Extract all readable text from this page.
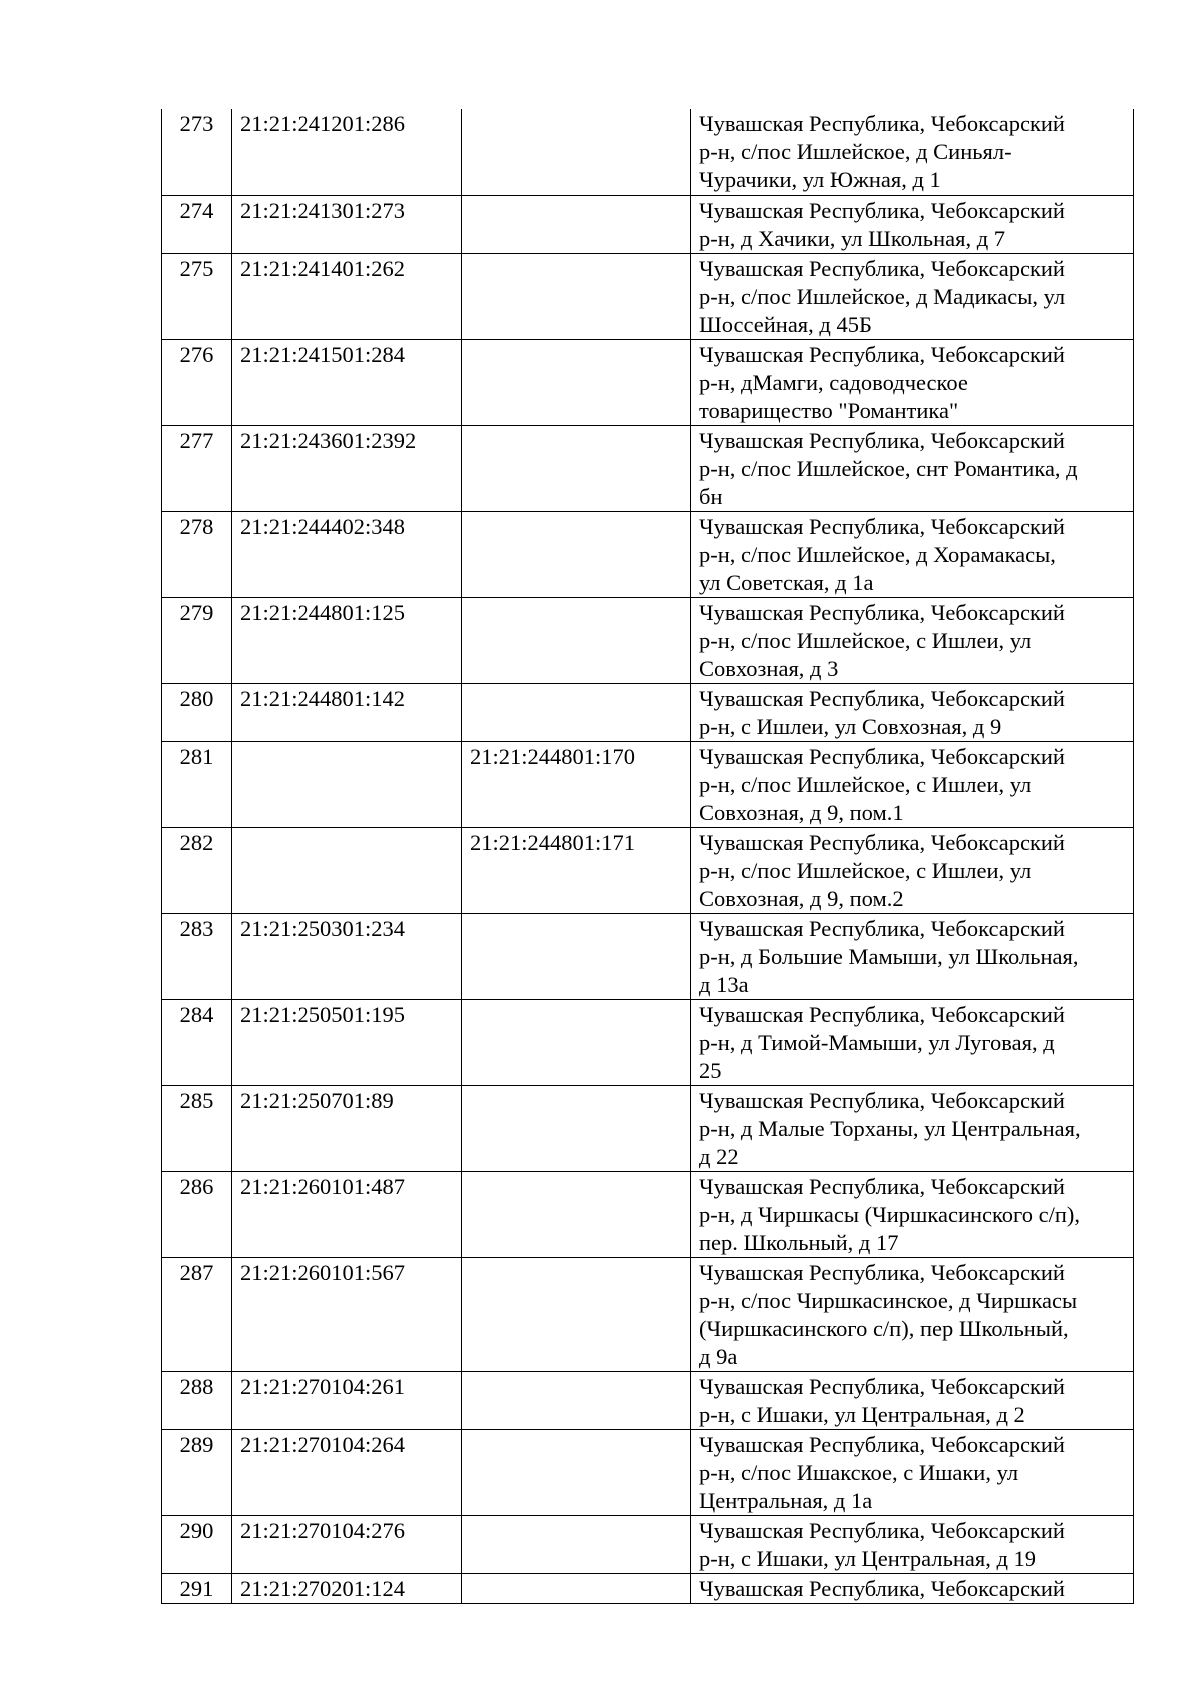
273	21:21:241201:286		Чувашская Республика, Чебоксарский
р-н, с/пос Ишлейское, д Синьял-
Чурачики, ул Южная, д 1

274	21:21:241301:273		Чувашская Республика, Чебоксарский
р-н, д Хачики, ул Школьная, д 7

275	21:21:241401:262		Чувашская Республика, Чебоксарский
р-н, с/пос Ишлейское, д Мадикасы, ул
Шоссейная, д 45Б

276	21:21:241501:284		Чувашская Республика, Чебоксарский
р-н, дМамги, садоводческое
товарищество "Романтика"

277	21:21:243601:2392		Чувашская Республика, Чебоксарский
р-н, с/пос Ишлейское, снт Романтика, д
бн

278	21:21:244402:348		Чувашская Республика, Чебоксарский
р-н, с/пос Ишлейское, д Хорамакасы,
ул Советская, д 1а

279	21:21:244801:125		Чувашская Республика, Чебоксарский
р-н, с/пос Ишлейское, с Ишлеи, ул
Совхозная, д 3

280	21:21:244801:142		Чувашская Республика, Чебоксарский
р-н, с Ишлеи, ул Совхозная, д 9

281		21:21:244801:170	Чувашская Республика, Чебоксарский
р-н, с/пос Ишлейское, с Ишлеи, ул
Совхозная, д 9, пом.1

282		21:21:244801:171	Чувашская Республика, Чебоксарский
р-н, с/пос Ишлейское, с Ишлеи, ул
Совхозная, д 9, пом.2

283	21:21:250301:234		Чувашская Республика, Чебоксарский
р-н, д Большие Мамыши, ул Школьная,
д 13а

284	21:21:250501:195		Чувашская Республика, Чебоксарский
р-н, д Тимой-Мамыши, ул Луговая, д
25

285	21:21:250701:89		Чувашская Республика, Чебоксарский
р-н, д Малые Торханы, ул Центральная,
д 22

286	21:21:260101:487		Чувашская Республика, Чебоксарский
р-н, д Чиршкасы (Чиршкасинского с/п),
пер. Школьный, д 17

287	21:21:260101:567		Чувашская Республика, Чебоксарский
р-н, с/пос Чиршкасинское, д Чиршкасы
(Чиршкасинского с/п), пер Школьный,
д 9а

288	21:21:270104:261		Чувашская Республика, Чебоксарский
р-н, с Ишаки, ул Центральная, д 2

289	21:21:270104:264		Чувашская Республика, Чебоксарский
р-н, с/пос Ишакское, с Ишаки, ул
Центральная, д 1а

290	21:21:270104:276		Чувашская Республика, Чебоксарский
р-н, с Ишаки, ул Центральная, д 19

291	21:21:270201:124		Чувашская Республика, Чебоксарский
